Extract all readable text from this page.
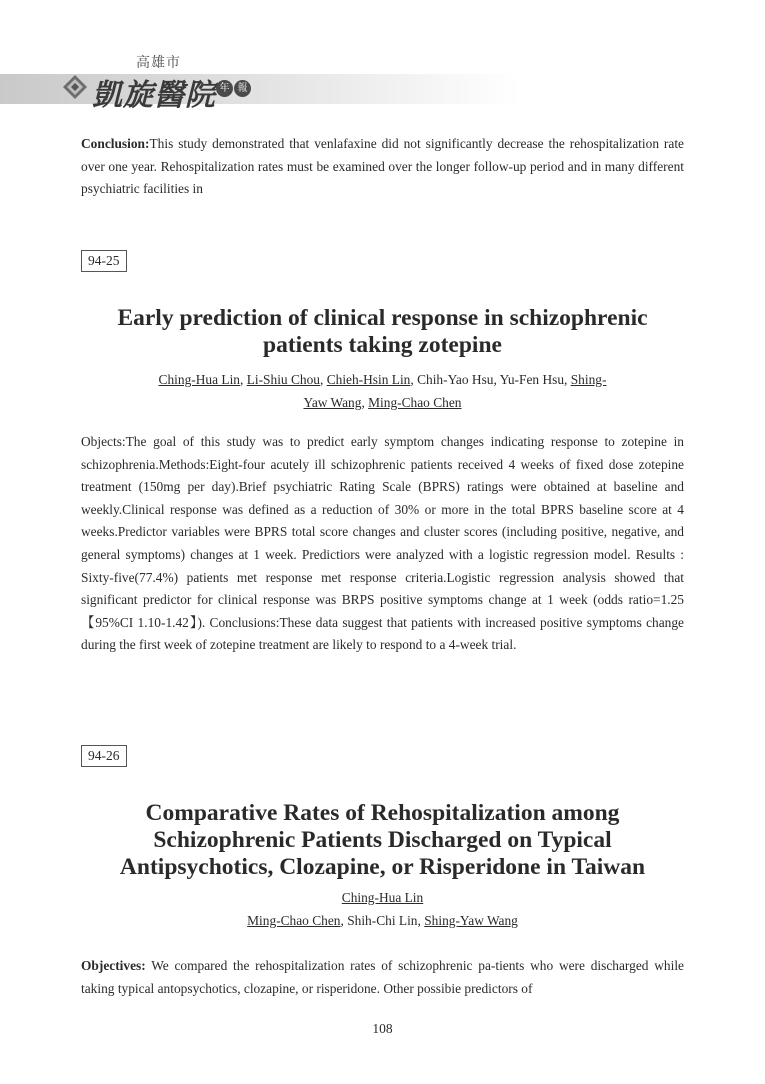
高雄市
凱旋醫院 年 報
Conclusion:This study demonstrated that venlafaxine did not significantly decrease the rehospitalization rate over one year. Rehospitalization rates must be examined over the longer follow-up period and in many different psychiatric facilities in
94-25
Early prediction of clinical response in schizophrenic
patients taking zotepine
Ching-Hua Lin, Li-Shiu Chou, Chieh-Hsin Lin, Chih-Yao Hsu, Yu-Fen Hsu, Shing-
Yaw Wang, Ming-Chao Chen
Objects:The goal of this study was to predict early symptom changes indicating response to zotepine in schizophrenia.Methods:Eight-four acutely ill schizophrenic patients received 4 weeks of fixed dose zotepine treatment (150mg per day).Brief psychiatric Rating Scale (BPRS) ratings were obtained at baseline and weekly.Clinical response was defined as a reduction of 30% or more in the total BPRS baseline score at 4 weeks.Predictor variables were BPRS total score changes and cluster scores (including positive, negative, and general symptoms) changes at 1 week. Predictiors were analyzed with a logistic regression model. Results : Sixty-five(77.4%) patients met response met response criteria.Logistic regression analysis showed that significant predictor for clinical response was BRPS positive symptoms change at 1 week (odds ratio=1.25【95%CI 1.10-1.42】). Conclusions:These data suggest that patients with increased positive symptoms change during the first week of zotepine treatment are likely to respond to a 4-week trial.
94-26
Comparative Rates of Rehospitalization among
Schizophrenic Patients Discharged on Typical
Antipsychotics, Clozapine, or Risperidone in Taiwan
Ching-Hua Lin
Ming-Chao Chen, Shih-Chi Lin, Shing-Yaw Wang
Objectives: We compared the rehospitalization rates of schizophrenic pa-tients who were discharged while taking typical antopsychotics, clozapine, or risperidone. Other possibie predictors of
108
